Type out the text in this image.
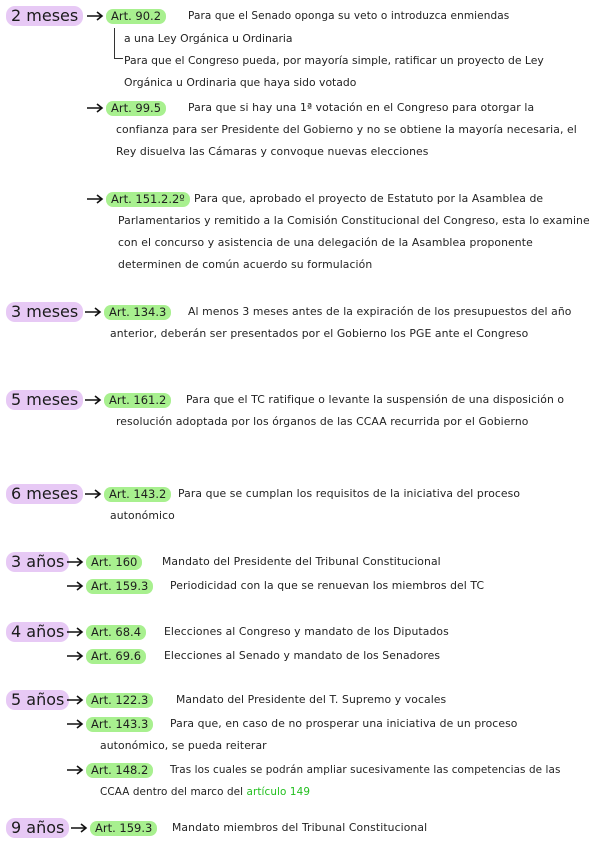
2 meses	Art. 90.2	Para que el Senado oponga su veto o introduzca enmiendas
a una Ley Orgánica u Ordinaria
Para que el Congreso pueda, por mayoría simple, ratificar un proyecto de Ley Orgánica u Ordinaria que haya sido votado
Art. 99.5	Para que si hay una 1ª votación en el Congreso para otorgar la confianza para ser Presidente del Gobierno y no se obtiene la mayoría necesaria, el Rey disuelva las Cámaras y convoque nuevas elecciones
Art. 151.2.2º Para que, aprobado el proyecto de Estatuto por la Asamblea de Parlamentarios y remitido a la Comisión Constitucional del Congreso, esta lo examine con el concurso y asistencia de una delegación de la Asamblea proponente determinen de común acuerdo su formulación
3 meses	Art. 134.3	Al menos 3 meses antes de la expiración de los presupuestos del año anterior, deberán ser presentados por el Gobierno los PGE ante el Congreso
5 meses	Art. 161.2	Para que el TC ratifique o levante la suspensión de una disposición o resolución adoptada por los órganos de las CCAA recurrida por el Gobierno
6 meses	Art. 143.2	Para que se cumplan los requisitos de la iniciativa del proceso autonómico
3 años	Art. 160	Mandato del Presidente del Tribunal Constitucional
Art. 159.3	Periodicidad con la que se renuevan los miembros del TC
4 años	Art. 68.4	Elecciones al Congreso y mandato de los Diputados
Art. 69.6	Elecciones al Senado y mandato de los Senadores
5 años	Art. 122.3	Mandato del Presidente del T. Supremo y vocales
Art. 143.3	Para que, en caso de no prosperar una iniciativa de un proceso autonómico, se pueda reiterar
Art. 148.2	Tras los cuales se podrán ampliar sucesivamente las competencias de las CCAA dentro del marco del artículo 149
9 años	Art. 159.3	Mandato miembros del Tribunal Constitucional
